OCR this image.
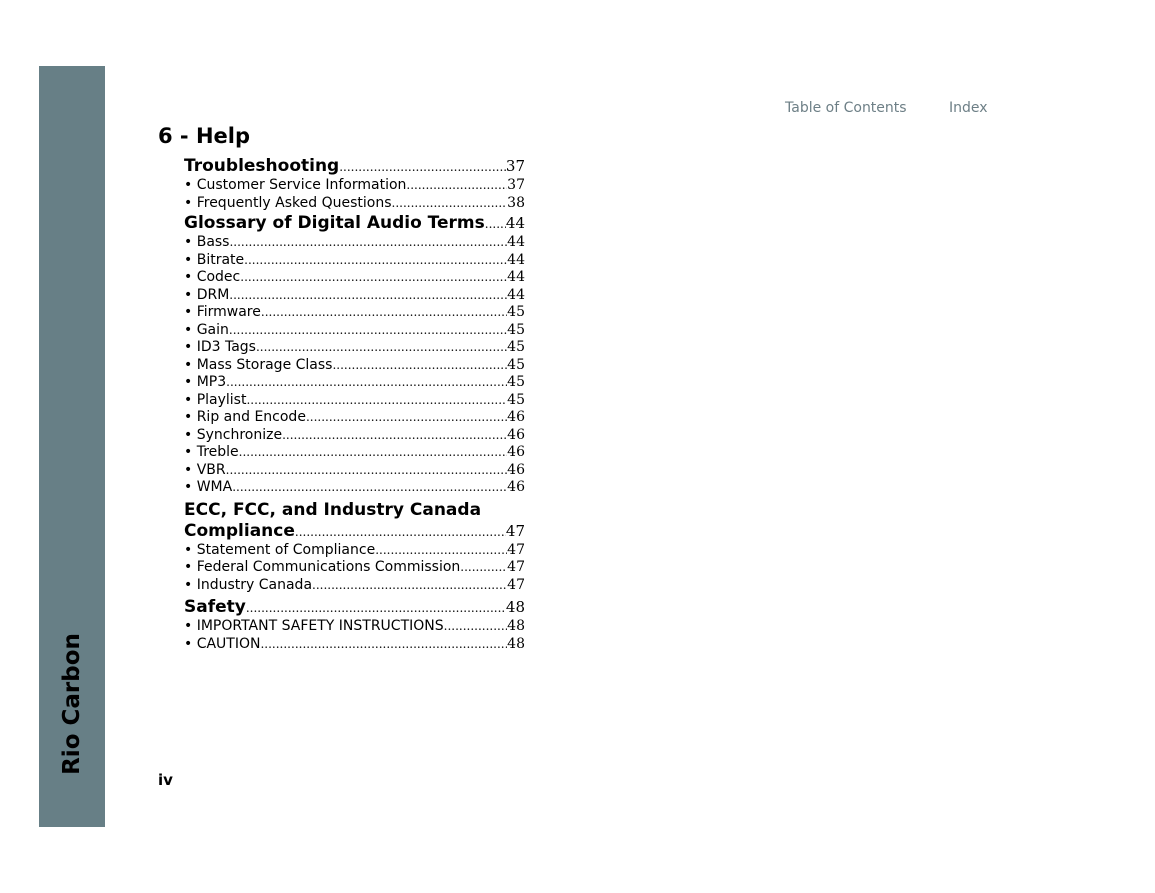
Rio Carbon
Table of Contents	Index
6 - Help
Troubleshooting .....	37
• Customer Service Information .....	37
• Frequently Asked Questions .....	38
Glossary of Digital Audio Terms ..... 44
• Bass .....	44
• Bitrate .....	44
• Codec .....	44
• DRM .....	44
• Firmware .....	45
• Gain .....	45
• ID3 Tags .....	45
• Mass Storage Class .....	45
• MP3 .....	45
• Playlist .....	45
• Rip and Encode .....	46
• Synchronize .....	46
• Treble .....	46
• VBR .....	46
• WMA .....	46
ECC, FCC, and Industry Canada
Compliance .....	47
• Statement of Compliance .....	47
• Federal Communications Commission .....	47
• Industry Canada .....	47
Safety .....	48
• IMPORTANT SAFETY INSTRUCTIONS .....	48
• CAUTION .....	48
iv
